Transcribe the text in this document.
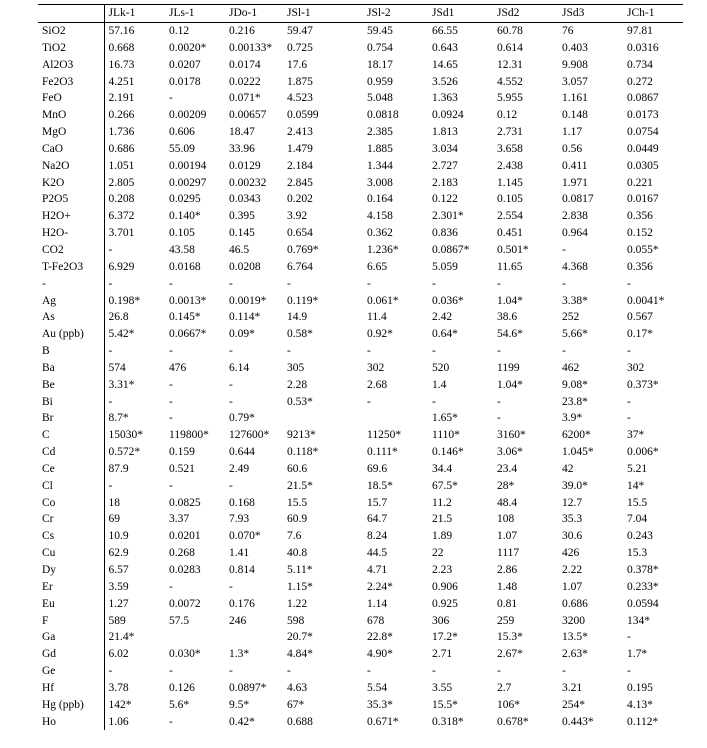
	JLk-1	JLs-1	JDo-1	JSl-1	JSl-2	JSd1	JSd2	JSd3	JCh-1
SiO2	57.16	0.12	0.216	59.47	59.45	66.55	60.78	76	97.81
TiO2	0.668	0.0020*	0.00133*	0.725	0.754	0.643	0.614	0.403	0.0316
Al2O3	16.73	0.0207	0.0174	17.6	18.17	14.65	12.31	9.908	0.734
Fe2O3	4.251	0.0178	0.0222	1.875	0.959	3.526	4.552	3.057	0.272
FeO	2.191	-	0.071*	4.523	5.048	1.363	5.955	1.161	0.0867
MnO	0.266	0.00209	0.00657	0.0599	0.0818	0.0924	0.12	0.148	0.0173
MgO	1.736	0.606	18.47	2.413	2.385	1.813	2.731	1.17	0.0754
CaO	0.686	55.09	33.96	1.479	1.885	3.034	3.658	0.56	0.0449
Na2O	1.051	0.00194	0.0129	2.184	1.344	2.727	2.438	0.411	0.0305
K2O	2.805	0.00297	0.00232	2.845	3.008	2.183	1.145	1.971	0.221
P2O5	0.208	0.0295	0.0343	0.202	0.164	0.122	0.105	0.0817	0.0167
H2O+	6.372	0.140*	0.395	3.92	4.158	2.301*	2.554	2.838	0.356
H2O-	3.701	0.105	0.145	0.654	0.362	0.836	0.451	0.964	0.152
CO2	-	43.58	46.5	0.769*	1.236*	0.0867*	0.501*	-	0.055*
T-Fe2O3	6.929	0.0168	0.0208	6.764	6.65	5.059	11.65	4.368	0.356
-	-	-	-	-	-	-	-	-	-
Ag	0.198*	0.0013*	0.0019*	0.119*	0.061*	0.036*	1.04*	3.38*	0.0041*
As	26.8	0.145*	0.114*	14.9	11.4	2.42	38.6	252	0.567
Au (ppb)	5.42*	0.0667*	0.09*	0.58*	0.92*	0.64*	54.6*	5.66*	0.17*
B	-	-	-	-	-	-	-	-	-
Ba	574	476	6.14	305	302	520	1199	462	302
Be	3.31*	-	-	2.28	2.68	1.4	1.04*	9.08*	0.373*
Bi	-	-	-	0.53*	-	-	-	23.8*	-
Br	8.7*	-	0.79*			1.65*	-	3.9*	-
C	15030*	119800*	127600*	9213*	11250*	1110*	3160*	6200*	37*
Cd	0.572*	0.159	0.644	0.118*	0.111*	0.146*	3.06*	1.045*	0.006*
Ce	87.9	0.521	2.49	60.6	69.6	34.4	23.4	42	5.21
Cl	-	-	-	21.5*	18.5*	67.5*	28*	39.0*	14*
Co	18	0.0825	0.168	15.5	15.7	11.2	48.4	12.7	15.5
Cr	69	3.37	7.93	60.9	64.7	21.5	108	35.3	7.04
Cs	10.9	0.0201	0.070*	7.6	8.24	1.89	1.07	30.6	0.243
Cu	62.9	0.268	1.41	40.8	44.5	22	1117	426	15.3
Dy	6.57	0.0283	0.814	5.11*	4.71	2.23	2.86	2.22	0.378*
Er	3.59	-	-	1.15*	2.24*	0.906	1.48	1.07	0.233*
Eu	1.27	0.0072	0.176	1.22	1.14	0.925	0.81	0.686	0.0594
F	589	57.5	246	598	678	306	259	3200	134*
Ga	21.4*			20.7*	22.8*	17.2*	15.3*	13.5*	-
Gd	6.02	0.030*	1.3*	4.84*	4.90*	2.71	2.67*	2.63*	1.7*
Ge	-	-	-	-	-	-	-	-	-
Hf	3.78	0.126	0.0897*	4.63	5.54	3.55	2.7	3.21	0.195
Hg (ppb)	142*	5.6*	9.5*	67*	35.3*	15.5*	106*	254*	4.13*
Ho	1.06	-	0.42*	0.688	0.671*	0.318*	0.678*	0.443*	0.112*
